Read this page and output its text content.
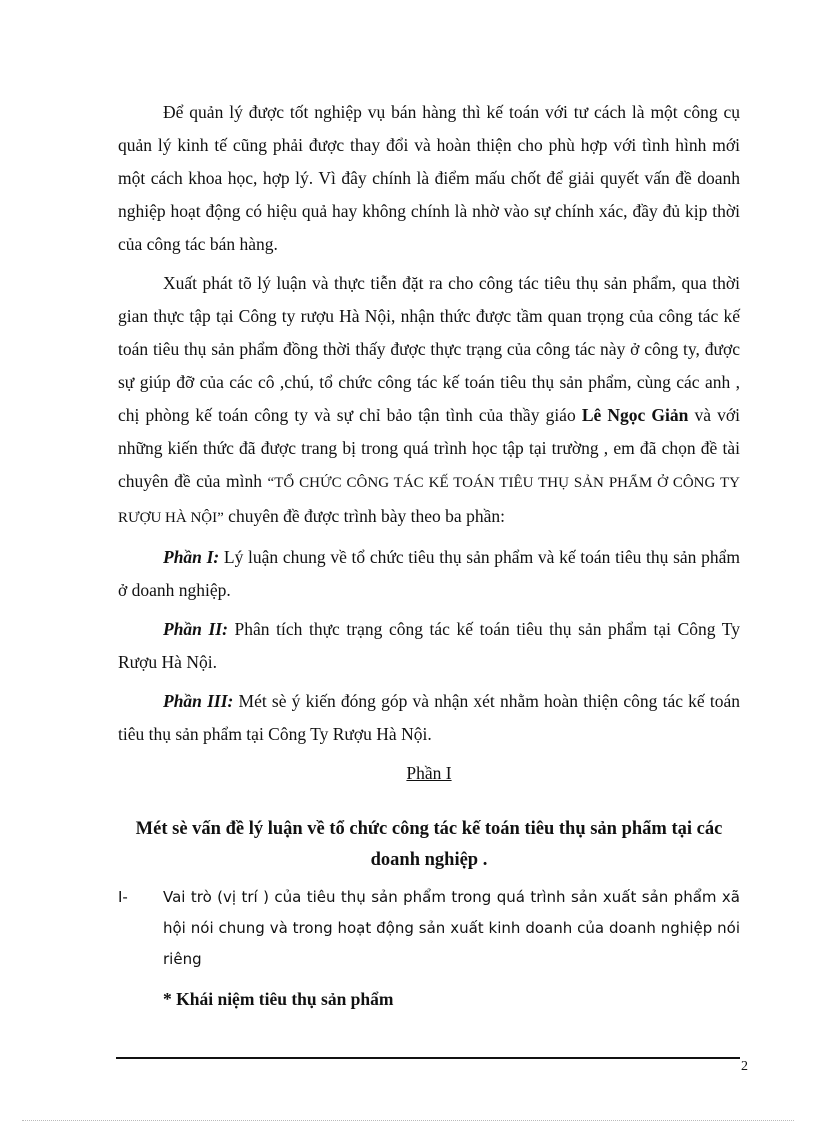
Để quản lý được tốt nghiệp vụ bán hàng thì kế toán với tư cách là một công cụ quản lý kinh tế cũng phải được thay đổi và hoàn thiện cho phù hợp với tình hình mới một cách khoa học, hợp lý. Vì đây chính là điểm mấu chốt để giải quyết vấn đề doanh nghiệp hoạt động có hiệu quả hay không chính là nhờ vào sự chính xác, đầy đủ kịp thời của công tác bán hàng.

Xuất phát tõ lý luận và thực tiễn đặt ra cho công tác tiêu thụ sản phẩm, qua thời gian thực tập tại Công ty rượu Hà Nội, nhận thức được tầm quan trọng của công tác kế toán tiêu thụ sản phẩm đồng thời thấy được thực trạng của công tác này ở công ty, được sự giúp đỡ của các cô ,chú, tổ chức công tác kế toán tiêu thụ sản phẩm, cùng các anh , chị phòng kế toán công ty và sự chỉ bảo tận tình của thầy giáo Lê Ngọc Giản và với những kiến thức đã được trang bị trong quá trình học tập tại trường , em đã chọn đề tài chuyên đề của mình “TỔ CHỨC CÔNG TÁC KẾ TOÁN TIÊU THỤ SẢN PHẨM Ở CÔNG TY RƯỢU HÀ NỘI” chuyên đề được trình bày theo ba phần:

Phần I: Lý luận chung về tổ chức tiêu thụ sản phẩm và kế toán tiêu thụ sản phẩm ở doanh nghiệp.

Phần II: Phân tích thực trạng công tác kế toán tiêu thụ sản phẩm tại Công Ty Rượu Hà Nội.

Phần III: Mét sè ý kiến đóng góp và nhận xét nhằm hoàn thiện công tác kế toán tiêu thụ sản phẩm tại Công Ty Rượu Hà Nội.

Phần I

Mét sè vấn đề lý luận về tổ chức công tác kế toán tiêu thụ sản phẩm tại các doanh nghiệp .

I-	Vai trò (vị trí ) của tiêu thụ sản phẩm trong quá trình sản xuất sản phẩm xã hội nói chung và trong hoạt động sản xuất kinh doanh của doanh nghiệp nói riêng

* Khái niệm tiêu thụ sản phẩm

2
